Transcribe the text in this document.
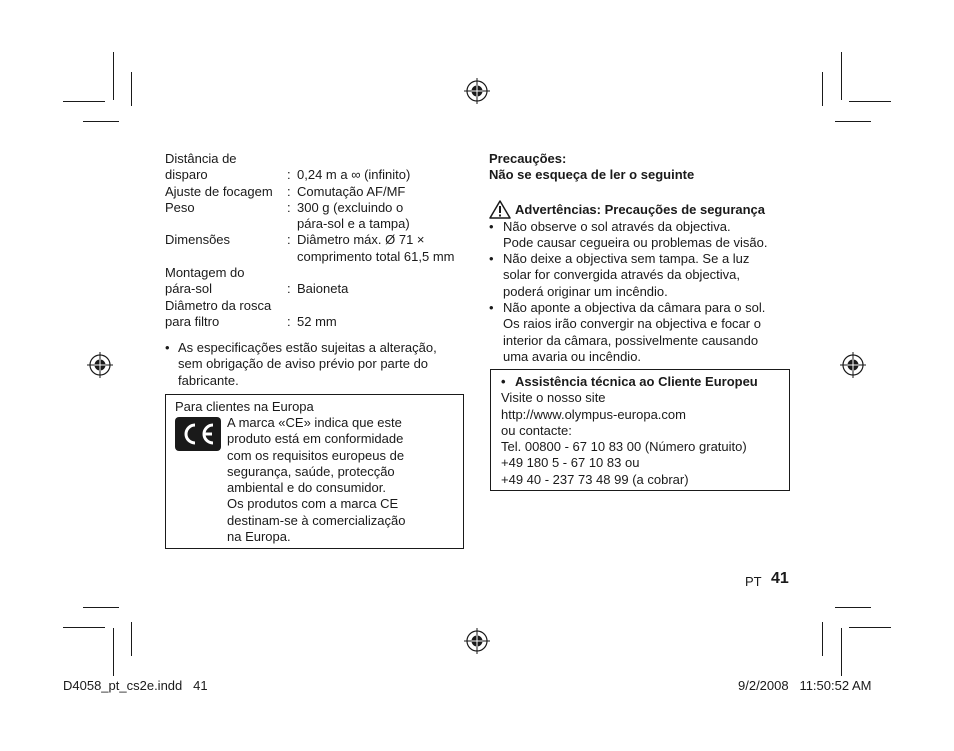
Distância de
disparo	: 0,24 m a ∞ (infinito)
Ajuste de focagem	: Comutação AF/MF
Peso	: 300 g (excluindo o
pára-sol e a tampa)
Dimensões	: Diâmetro máx. Ø 71 ×
comprimento total 61,5 mm
Montagem do
pára-sol	: Baioneta
Diâmetro da rosca
para filtro	: 52 mm
• As especificações estão sujeitas a alteração,
sem obrigação de aviso prévio por parte do
fabricante.
Para clientes na Europa
A marca «CE» indica que este
produto está em conformidade
com os requisitos europeus de
segurança, saúde, protecção
ambiental e do consumidor.
Os produtos com a marca CE
destinam-se à comercialização
na Europa.
Precauções:
Não se esqueça de ler o seguinte
Advertências: Precauções de segurança
• Não observe o sol através da objectiva.
Pode causar cegueira ou problemas de visão.
• Não deixe a objectiva sem tampa. Se a luz
solar for convergida através da objectiva,
poderá originar um incêndio.
• Não aponte a objectiva da câmara para o sol.
Os raios irão convergir na objectiva e focar o
interior da câmara, possivelmente causando
uma avaria ou incêndio.
• Assistência técnica ao Cliente Europeu
Visite o nosso site
http://www.olympus-europa.com
ou contacte:
Tel. 00800 - 67 10 83 00 (Número gratuito)
+49 180 5 - 67 10 83 ou
+49 40 - 237 73 48 99 (a cobrar)
PT 41
D4058_pt_cs2e.indd   41	9/2/2008   11:50:52 AM
